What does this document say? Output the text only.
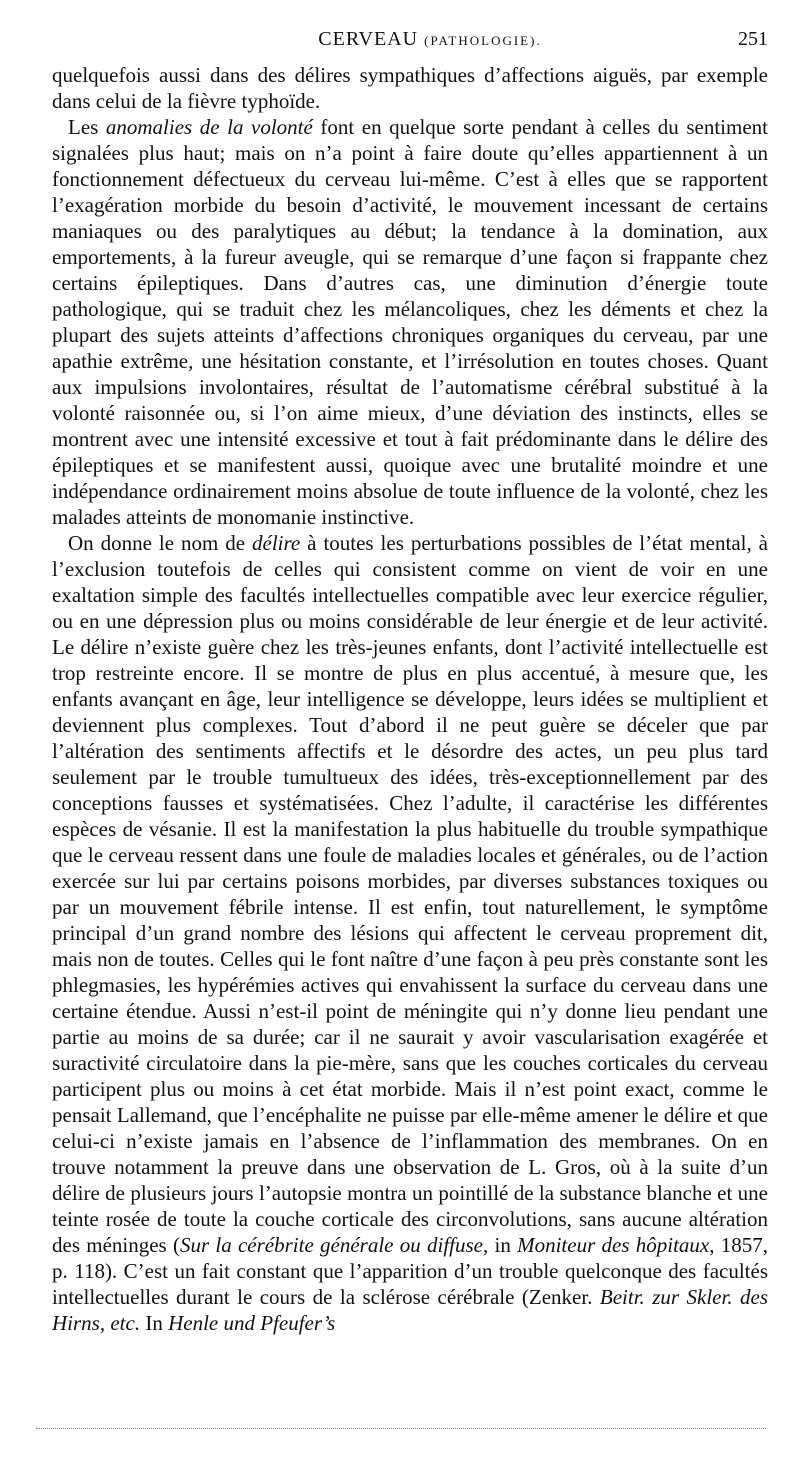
CERVEAU (PATHOLOGIE).	251

quelquefois aussi dans des délires sympathiques d’affections aiguës, par exemple dans celui de la fièvre typhoïde.

Les anomalies de la volonté font en quelque sorte pendant à celles du sentiment signalées plus haut; mais on n’a point à faire doute qu’elles appartiennent à un fonctionnement défectueux du cerveau lui-même. C’est à elles que se rapportent l’exagération morbide du besoin d’activité, le mouvement incessant de certains maniaques ou des paralytiques au début; la tendance à la domination, aux emportements, à la fureur aveugle, qui se remarque d’une façon si frappante chez certains épileptiques. Dans d’autres cas, une diminution d’énergie toute pathologique, qui se traduit chez les mélancoliques, chez les déments et chez la plupart des sujets atteints d’affections chroniques organiques du cerveau, par une apathie extrême, une hésitation constante, et l’irrésolution en toutes choses. Quant aux impulsions involontaires, résultat de l’automatisme cérébral substitué à la volonté raisonnée ou, si l’on aime mieux, d’une déviation des instincts, elles se montrent avec une intensité excessive et tout à fait prédominante dans le délire des épileptiques et se manifestent aussi, quoique avec une brutalité moindre et une indépendance ordinairement moins absolue de toute influence de la volonté, chez les malades atteints de monomanie instinctive.

On donne le nom de délire à toutes les perturbations possibles de l’état mental, à l’exclusion toutefois de celles qui consistent comme on vient de voir en une exaltation simple des facultés intellectuelles compatible avec leur exercice régulier, ou en une dépression plus ou moins considérable de leur énergie et de leur activité. Le délire n’existe guère chez les très-jeunes enfants, dont l’activité intellectuelle est trop restreinte encore. Il se montre de plus en plus accentué, à mesure que, les enfants avançant en âge, leur intelligence se développe, leurs idées se multiplient et deviennent plus complexes. Tout d’abord il ne peut guère se déceler que par l’altération des sentiments affectifs et le désordre des actes, un peu plus tard seulement par le trouble tumultueux des idées, très-exceptionnellement par des conceptions fausses et systématisées. Chez l’adulte, il caractérise les différentes espèces de vésanie. Il est la manifestation la plus habituelle du trouble sympathique que le cerveau ressent dans une foule de maladies locales et générales, ou de l’action exercée sur lui par certains poisons morbides, par diverses substances toxiques ou par un mouvement fébrile intense. Il est enfin, tout naturellement, le symptôme principal d’un grand nombre des lésions qui affectent le cerveau proprement dit, mais non de toutes. Celles qui le font naître d’une façon à peu près constante sont les phlegmasies, les hypérémies actives qui envahissent la surface du cerveau dans une certaine étendue. Aussi n’est-il point de méningite qui n’y donne lieu pendant une partie au moins de sa durée; car il ne saurait y avoir vascularisation exagérée et suractivité circulatoire dans la pie-mère, sans que les couches corticales du cerveau participent plus ou moins à cet état morbide. Mais il n’est point exact, comme le pensait Lallemand, que l’encéphalite ne puisse par elle-même amener le délire et que celui-ci n’existe jamais en l’absence de l’inflammation des membranes. On en trouve notamment la preuve dans une observation de L. Gros, où à la suite d’un délire de plusieurs jours l’autopsie montra un pointillé de la substance blanche et une teinte rosée de toute la couche corticale des circonvolutions, sans aucune altération des méninges (Sur la cérébrite générale ou diffuse, in Moniteur des hôpitaux, 1857, p. 118). C’est un fait constant que l’apparition d’un trouble quelconque des facultés intellectuelles durant le cours de la sclérose cérébrale (Zenker. Beitr. zur Skler. des Hirns, etc. In Henle und Pfeufer’s
